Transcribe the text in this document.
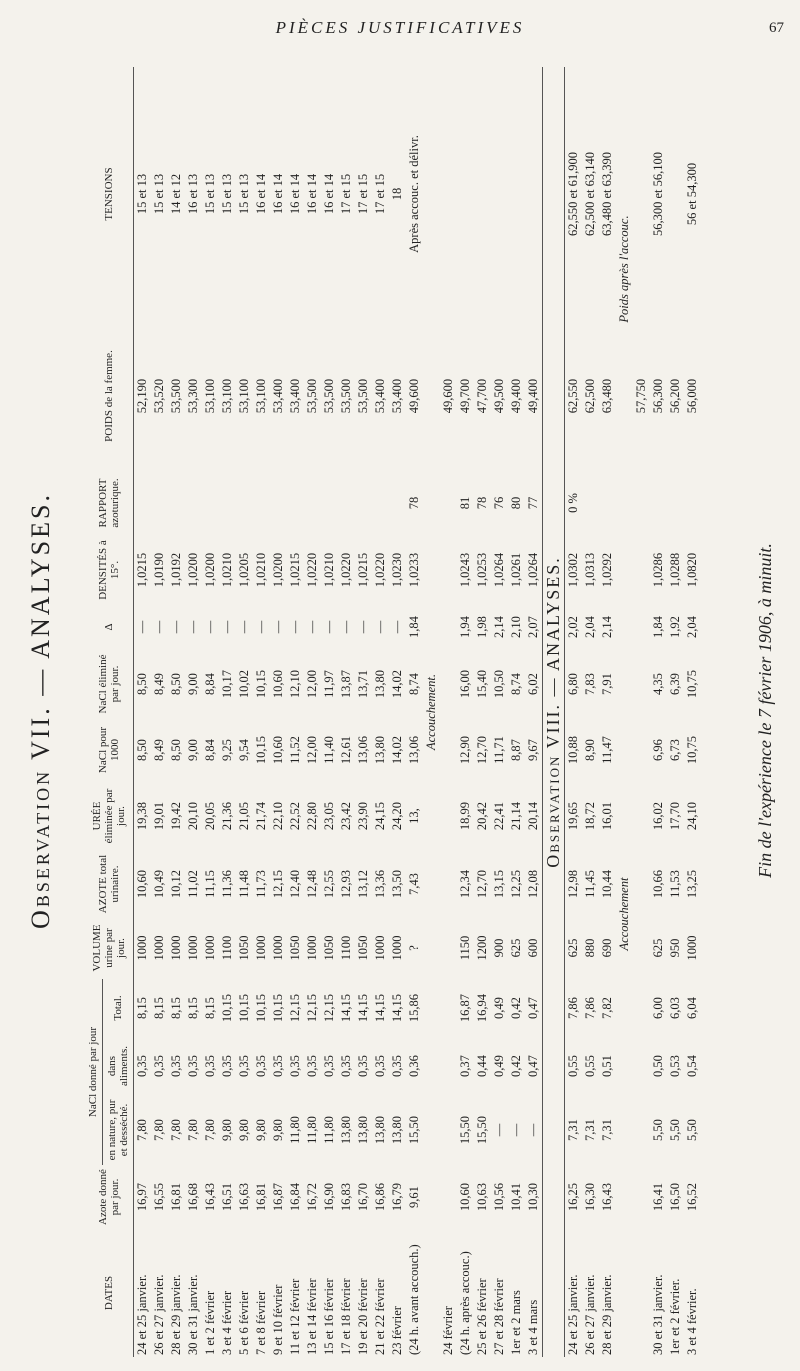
PIÈCES JUSTIFICATIVES	67
Observation VII. — ANALYSES.
DATES	Azote donné par jour.	NaCl donné par jour			VOLUME urine par jour.	AZOTE total urinaire.	URÉE éliminée par jour.	NaCl pour 1000	NaCl éliminé par jour.	Δ	DENSITÉS à 15°.	RAPPORT azoturique.	POIDS de la femme.	TENSIONS
		en nature, pur et desséché.	dans aliments.	Total.										
24 et 25 janvier.	16,97	7,80	0,35	8,15	1000	10,60	19,38	8,50	8,50	—	1,0215		52,190	15 et 13
26 et 27 janvier.	16,55	7,80	0,35	8,15	1000	10,49	19,01	8,49	8,49	—	1,0190		53,520	15 et 13
28 et 29 janvier.	16,81	7,80	0,35	8,15	1000	10,12	19,42	8,50	8,50	—	1,0192		53,500	14 et 12
30 et 31 janvier.	16,68	7,80	0,35	8,15	1000	11,02	20,10	9,00	9,00	—	1,0200		53,300	16 et 13
1 et 2 février	16,43	7,80	0,35	8,15	1000	11,15	20,05	8,84	8,84	—	1,0200		53,100	15 et 13
3 et 4 février	16,51	9,80	0,35	10,15	1100	11,36	21,36	9,25	10,17	—	1,0210		53,100	15 et 13
5 et 6 février	16,63	9,80	0,35	10,15	1050	11,48	21,05	9,54	10,02	—	1,0205		53,100	15 et 13
7 et 8 février	16,81	9,80	0,35	10,15	1000	11,73	21,74	10,15	10,15	—	1,0210		53,100	16 et 14
9 et 10 février	16,87	9,80	0,35	10,15	1000	12,15	22,10	10,60	10,60	—	1,0200		53,400	16 et 14
11 et 12 février	16,84	11,80	0,35	12,15	1050	12,40	22,52	11,52	12,10	—	1,0215		53,400	16 et 14
13 et 14 février	16,72	11,80	0,35	12,15	1000	12,48	22,80	12,00	12,00	—	1,0220		53,500	16 et 14
15 et 16 février	16,90	11,80	0,35	12,15	1050	12,55	23,05	11,40	11,97	—	1,0210		53,500	16 et 14
17 et 18 février	16,83	13,80	0,35	14,15	1100	12,93	23,42	12,61	13,87	—	1,0220		53,500	17 et 15
19 et 20 février	16,70	13,80	0,35	14,15	1050	13,12	23,90	13,06	13,71	—	1,0215		53,500	17 et 15
21 et 22 février	16,86	13,80	0,35	14,15	1000	13,36	24,15	13,80	13,80	—	1,0220		53,400	17 et 15
23 février	16,79	13,80	0,35	14,15	1000	13,50	24,20	14,02	14,02	—	1,0230		53,400	18
(24 h. avant accouch.)	9,61	15,50	0,36	15,86	?	7,43	13,	13,06	8,74	1,84	1,0233	78	49,600	Après accouc. et délivr.
Accouchement.														
24 février													49,600	
(24 h. après accouc.)	10,60	15,50	0,37	16,87	1150	12,34	18,99	12,90	16,00	1,94	1,0243	81	49,700	
25 et 26 février	10,63	15,50	0,44	16,94	1200	12,70	20,42	12,70	15,40	1,98	1,0253	78	47,700	
27 et 28 février	10,56	—	0,49	0,49	900	13,15	22,41	11,71	10,50	2,14	1,0264	76	49,500	
1er et 2 mars	10,41	—	0,42	0,42	625	12,25	21,14	8,87	8,74	2,10	1,0261	80	49,400	
3 et 4 mars	10,30	—	0,47	0,47	600	12,08	20,14	9,67	6,02	2,07	1,0264	77	49,400	
Observation VIII. — ANALYSES.														
24 et 25 janvier.	16,25	7,31	0,55	7,86	625	12,98	19,65	10,88	6,80	2,02	1,0302	0 %	62,550	62,550 et 61,900
26 et 27 janvier.	16,30	7,31	0,55	7,86	880	11,45	18,72	8,90	7,83	2,04	1,0313		62,500	62,500 et 63,140
28 et 29 janvier.	16,43	7,31	0,51	7,82	690	10,44	16,01	11,47	7,91	2,14	1,0292		63,480	63,480 et 63,390
Accouchement													Poids après l'accouc.	
													57,750	
30 et 31 janvier.	16,41	5,50	0,50	6,00	625	10,66	16,02	6,96	4,35	1,84	1,0286		56,300	56,300 et 56,100
1er et 2 février.	16,50	5,50	0,53	6,03	950	11,53	17,70	6,73	6,39	1,92	1,0288		56,200	
3 et 4 février.	16,52	5,50	0,54	6,04	1000	13,25	24,10	10,75	10,75	2,04	1,0820		56,000	56 et 54,300
Fin de l'expérience le 7 février 1906, à minuit.
